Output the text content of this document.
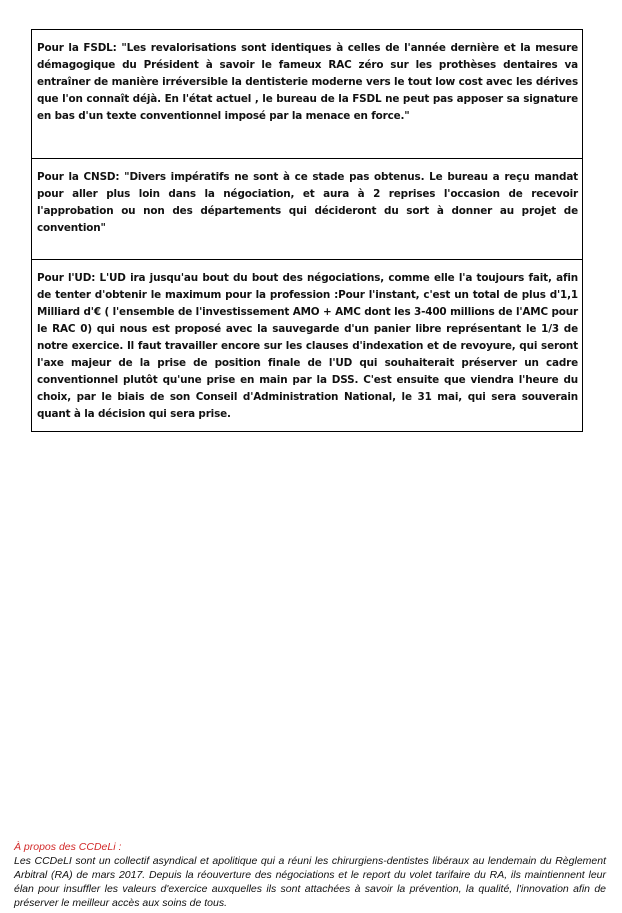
Pour la FSDL: "Les revalorisations sont identiques à celles de l'année dernière et la mesure démagogique du Président à savoir le fameux RAC zéro sur les prothèses dentaires va entraîner de manière irréversible la dentisterie moderne vers le tout low cost avec les dérives que l'on connaît déjà. En l'état actuel , le bureau de la FSDL ne peut pas apposer sa signature en bas d'un texte conventionnel imposé par la menace en force."
Pour la CNSD: "Divers impératifs ne sont à ce stade pas obtenus. Le bureau a reçu mandat pour aller plus loin dans la négociation, et aura à 2 reprises l'occasion de recevoir l'approbation ou non des départements qui décideront du sort à donner au projet de convention"
Pour l'UD: L'UD ira jusqu'au bout du bout des négociations, comme elle l'a toujours fait, afin de tenter d'obtenir le maximum pour la profession :Pour l'instant, c'est un total de plus d'1,1 Milliard d'€ ( l'ensemble de l'investissement AMO + AMC dont les 3-400 millions de l'AMC pour le RAC 0) qui nous est proposé avec la sauvegarde d'un panier libre représentant le 1/3 de notre exercice. Il faut travailler encore sur les clauses d'indexation et de revoyure, qui seront l'axe majeur de la prise de position finale de l'UD qui souhaiterait préserver un cadre conventionnel plutôt qu'une prise en main par la DSS. C'est ensuite que viendra l'heure du choix, par le biais de son Conseil d'Administration National, le 31 mai, qui sera souverain quant à la décision qui sera prise.
À propos des CCDeLi :
Les CCDeLI sont un collectif asyndical et apolitique qui a réuni les chirurgiens-dentistes libéraux au lendemain du Règlement Arbitral (RA) de mars 2017. Depuis la réouverture des négociations et le report du volet tarifaire du RA, ils maintiennent leur élan pour insuffler les valeurs d'exercice auxquelles ils sont attachées à savoir la prévention, la qualité, l'innovation afin de préserver le meilleur accès aux soins de tous.
